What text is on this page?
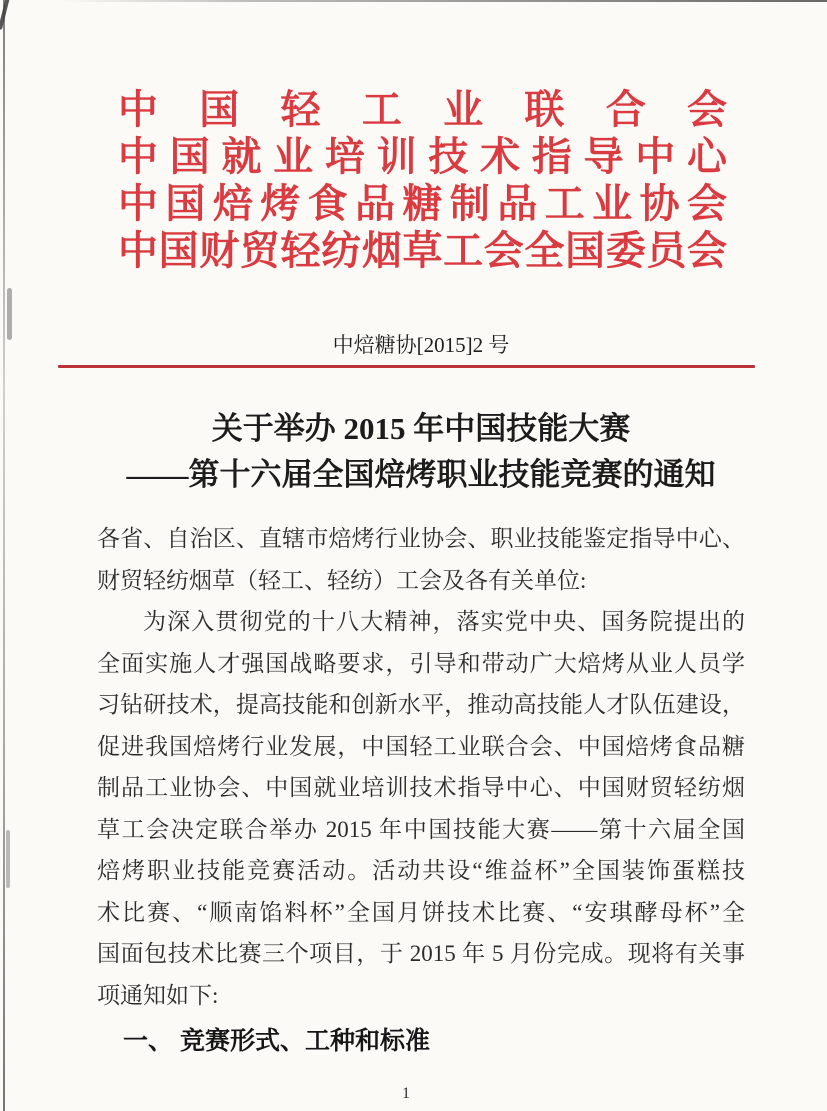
中国轻工业联合会
中国就业培训技术指导中心
中国焙烤食品糖制品工业协会
中国财贸轻纺烟草工会全国委员会
中焙糖协[2015]2 号
关于举办 2015 年中国技能大赛
——第十六届全国焙烤职业技能竞赛的通知
各省、自治区、直辖市焙烤行业协会、职业技能鉴定指导中心、
财贸轻纺烟草（轻工、轻纺）工会及各有关单位:
为深入贯彻党的十八大精神，落实党中央、国务院提出的
全面实施人才强国战略要求，引导和带动广大焙烤从业人员学
习钻研技术，提高技能和创新水平，推动高技能人才队伍建设，
促进我国焙烤行业发展，中国轻工业联合会、中国焙烤食品糖
制品工业协会、中国就业培训技术指导中心、中国财贸轻纺烟
草工会决定联合举办 2015 年中国技能大赛——第十六届全国
焙烤职业技能竞赛活动。活动共设“维益杯”全国装饰蛋糕技
术比赛、“顺南馅料杯”全国月饼技术比赛、“安琪酵母杯”全
国面包技术比赛三个项目，于 2015 年 5 月份完成。现将有关事
项通知如下:
一、 竞赛形式、工种和标准
1
